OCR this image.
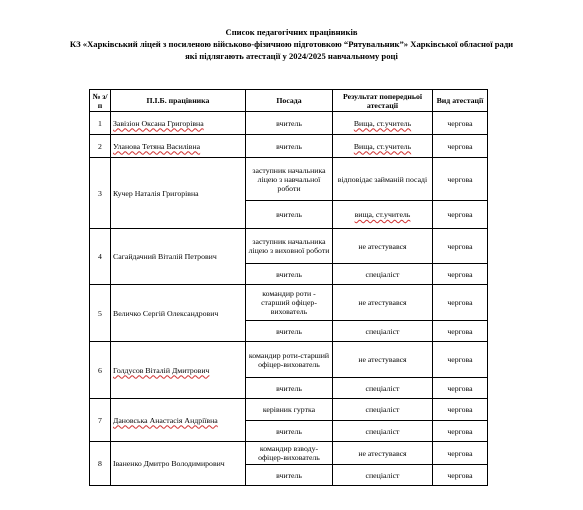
Список педагогічних працівників
КЗ «Харківський ліцей з посиленою військово-фізичною підготовкою “Рятувальник”» Харківської обласної ради
які підлягають атестації у 2024/2025 навчальному році
№ з/п	П.І.Б. працівника	Посада	Результат попередньої атестації	Вид атестації
1	Завізіон Оксана Григорівна	вчитель	Вища, ст.учитель	чергова
2	Уланова Тетяна Василівна	вчитель	Вища, ст.учитель	чергова
3	Кучер Наталія Григорівна	заступник начальника ліцею з навчальної роботи	відповідає займаній посаді	чергова
		вчитель	вища, ст.учитель	чергова
4	Сагайдачний Віталій Петрович	заступник начальника ліцею з виховної роботи	не атестувався	чергова
		вчитель	спеціаліст	чергова
5	Величко Сергій Олександрович	командир роти - старший офіцер-вихователь	не атестувався	чергова
		вчитель	спеціаліст	чергова
6	Голдусов Віталій Дмитрович	командир роти-старший офіцер-вихователь	не атестувався	чергова
		вчитель	спеціаліст	чергова
7	Дановська Анастасія Андріївна	керівник гуртка	спеціаліст	чергова
		вчитель	спеціаліст	чергова
8	Іваненко Дмитро Володимирович	командир взводу-офіцер-вихователь	не атестувався	чергова
		вчитель	спеціаліст	чергова
